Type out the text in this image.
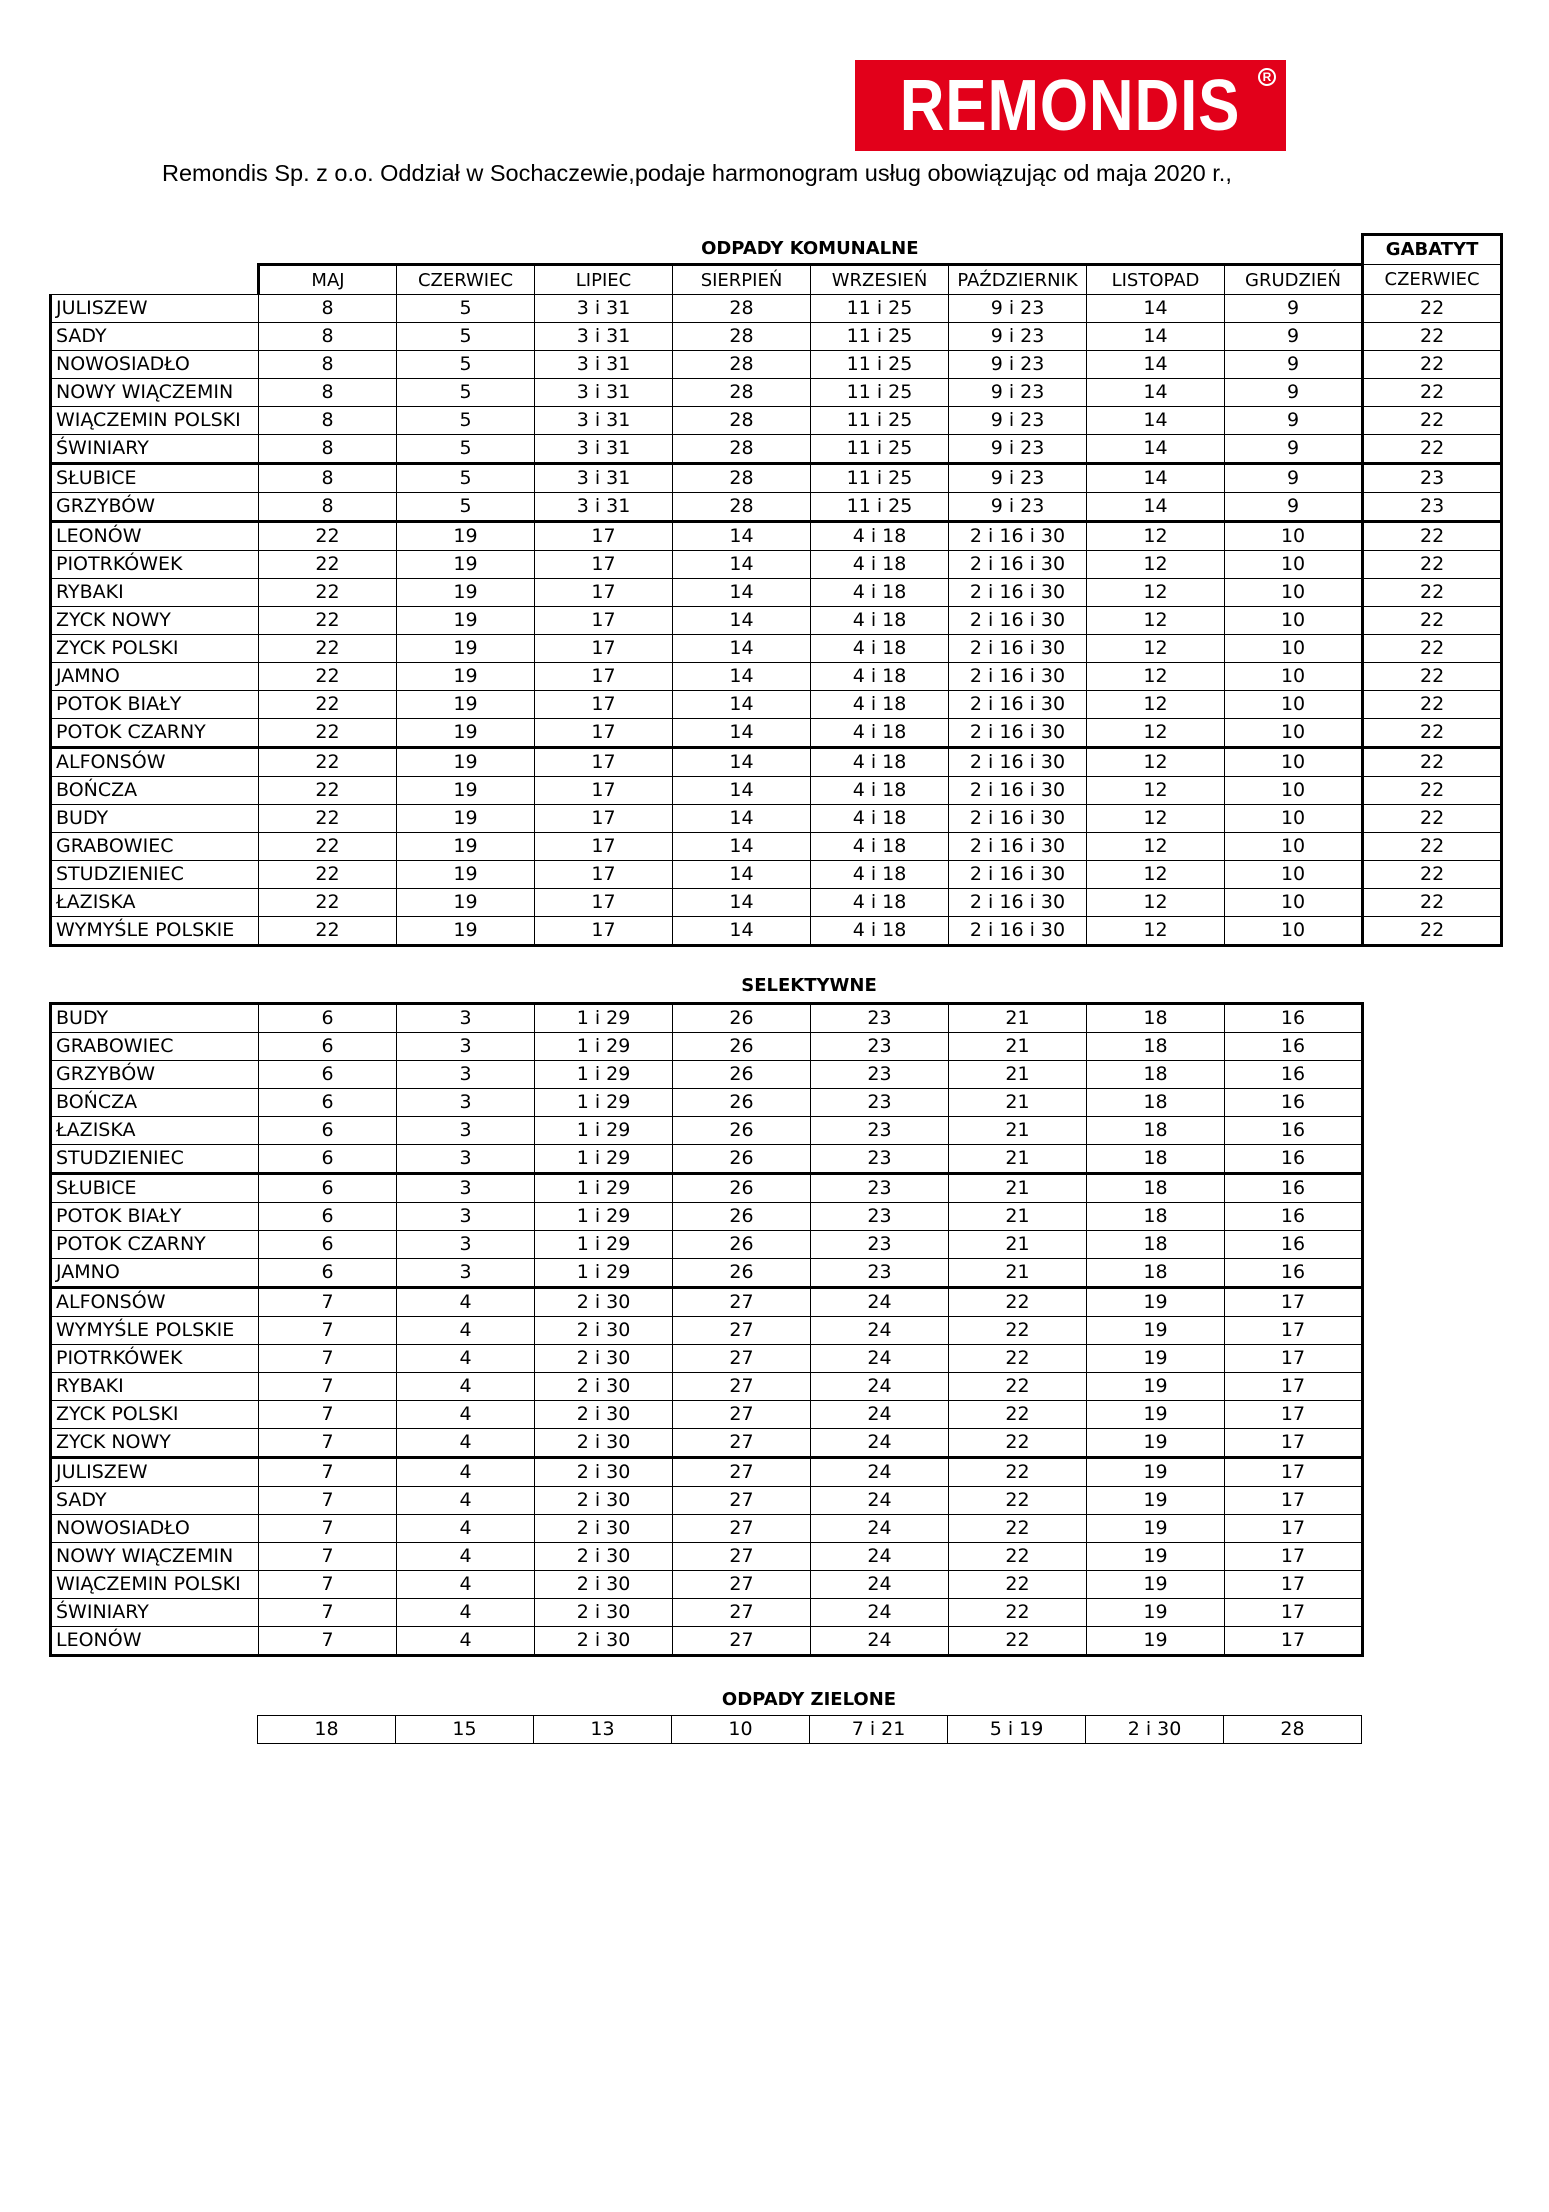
REMONDIS	R
Remondis Sp. z o.o. Oddział w Sochaczewie,podaje harmonogram usług obowiązując od maja 2020 r.,
	ODPADY KOMUNALNE								GABATYT
	MAJ	CZERWIEC	LIPIEC	SIERPIEŃ	WRZESIEŃ	PAŹDZIERNIK	LISTOPAD	GRUDZIEŃ	CZERWIEC
JULISZEW	8	5	3 i 31	28	11 i 25	9 i 23	14	9	22
SADY	8	5	3 i 31	28	11 i 25	9 i 23	14	9	22
NOWOSIADŁO	8	5	3 i 31	28	11 i 25	9 i 23	14	9	22
NOWY WIĄCZEMIN	8	5	3 i 31	28	11 i 25	9 i 23	14	9	22
WIĄCZEMIN POLSKI	8	5	3 i 31	28	11 i 25	9 i 23	14	9	22
ŚWINIARY	8	5	3 i 31	28	11 i 25	9 i 23	14	9	22
SŁUBICE	8	5	3 i 31	28	11 i 25	9 i 23	14	9	23
GRZYBÓW	8	5	3 i 31	28	11 i 25	9 i 23	14	9	23
LEONÓW	22	19	17	14	4 i 18	2 i 16 i 30	12	10	22
PIOTRKÓWEK	22	19	17	14	4 i 18	2 i 16 i 30	12	10	22
RYBAKI	22	19	17	14	4 i 18	2 i 16 i 30	12	10	22
ZYCK NOWY	22	19	17	14	4 i 18	2 i 16 i 30	12	10	22
ZYCK POLSKI	22	19	17	14	4 i 18	2 i 16 i 30	12	10	22
JAMNO	22	19	17	14	4 i 18	2 i 16 i 30	12	10	22
POTOK BIAŁY	22	19	17	14	4 i 18	2 i 16 i 30	12	10	22
POTOK CZARNY	22	19	17	14	4 i 18	2 i 16 i 30	12	10	22
ALFONSÓW	22	19	17	14	4 i 18	2 i 16 i 30	12	10	22
BOŃCZA	22	19	17	14	4 i 18	2 i 16 i 30	12	10	22
BUDY	22	19	17	14	4 i 18	2 i 16 i 30	12	10	22
GRABOWIEC	22	19	17	14	4 i 18	2 i 16 i 30	12	10	22
STUDZIENIEC	22	19	17	14	4 i 18	2 i 16 i 30	12	10	22
ŁAZISKA	22	19	17	14	4 i 18	2 i 16 i 30	12	10	22
WYMYŚLE POLSKIE	22	19	17	14	4 i 18	2 i 16 i 30	12	10	22
SELEKTYWNE
BUDY	6	3	1 i 29	26	23	21	18	16
GRABOWIEC	6	3	1 i 29	26	23	21	18	16
GRZYBÓW	6	3	1 i 29	26	23	21	18	16
BOŃCZA	6	3	1 i 29	26	23	21	18	16
ŁAZISKA	6	3	1 i 29	26	23	21	18	16
STUDZIENIEC	6	3	1 i 29	26	23	21	18	16
SŁUBICE	6	3	1 i 29	26	23	21	18	16
POTOK BIAŁY	6	3	1 i 29	26	23	21	18	16
POTOK CZARNY	6	3	1 i 29	26	23	21	18	16
JAMNO	6	3	1 i 29	26	23	21	18	16
ALFONSÓW	7	4	2 i 30	27	24	22	19	17
WYMYŚLE POLSKIE	7	4	2 i 30	27	24	22	19	17
PIOTRKÓWEK	7	4	2 i 30	27	24	22	19	17
RYBAKI	7	4	2 i 30	27	24	22	19	17
ZYCK POLSKI	7	4	2 i 30	27	24	22	19	17
ZYCK NOWY	7	4	2 i 30	27	24	22	19	17
JULISZEW	7	4	2 i 30	27	24	22	19	17
SADY	7	4	2 i 30	27	24	22	19	17
NOWOSIADŁO	7	4	2 i 30	27	24	22	19	17
NOWY WIĄCZEMIN	7	4	2 i 30	27	24	22	19	17
WIĄCZEMIN POLSKI	7	4	2 i 30	27	24	22	19	17
ŚWINIARY	7	4	2 i 30	27	24	22	19	17
LEONÓW	7	4	2 i 30	27	24	22	19	17
ODPADY ZIELONE
18	15	13	10	7 i 21	5 i 19	2 i 30	28
